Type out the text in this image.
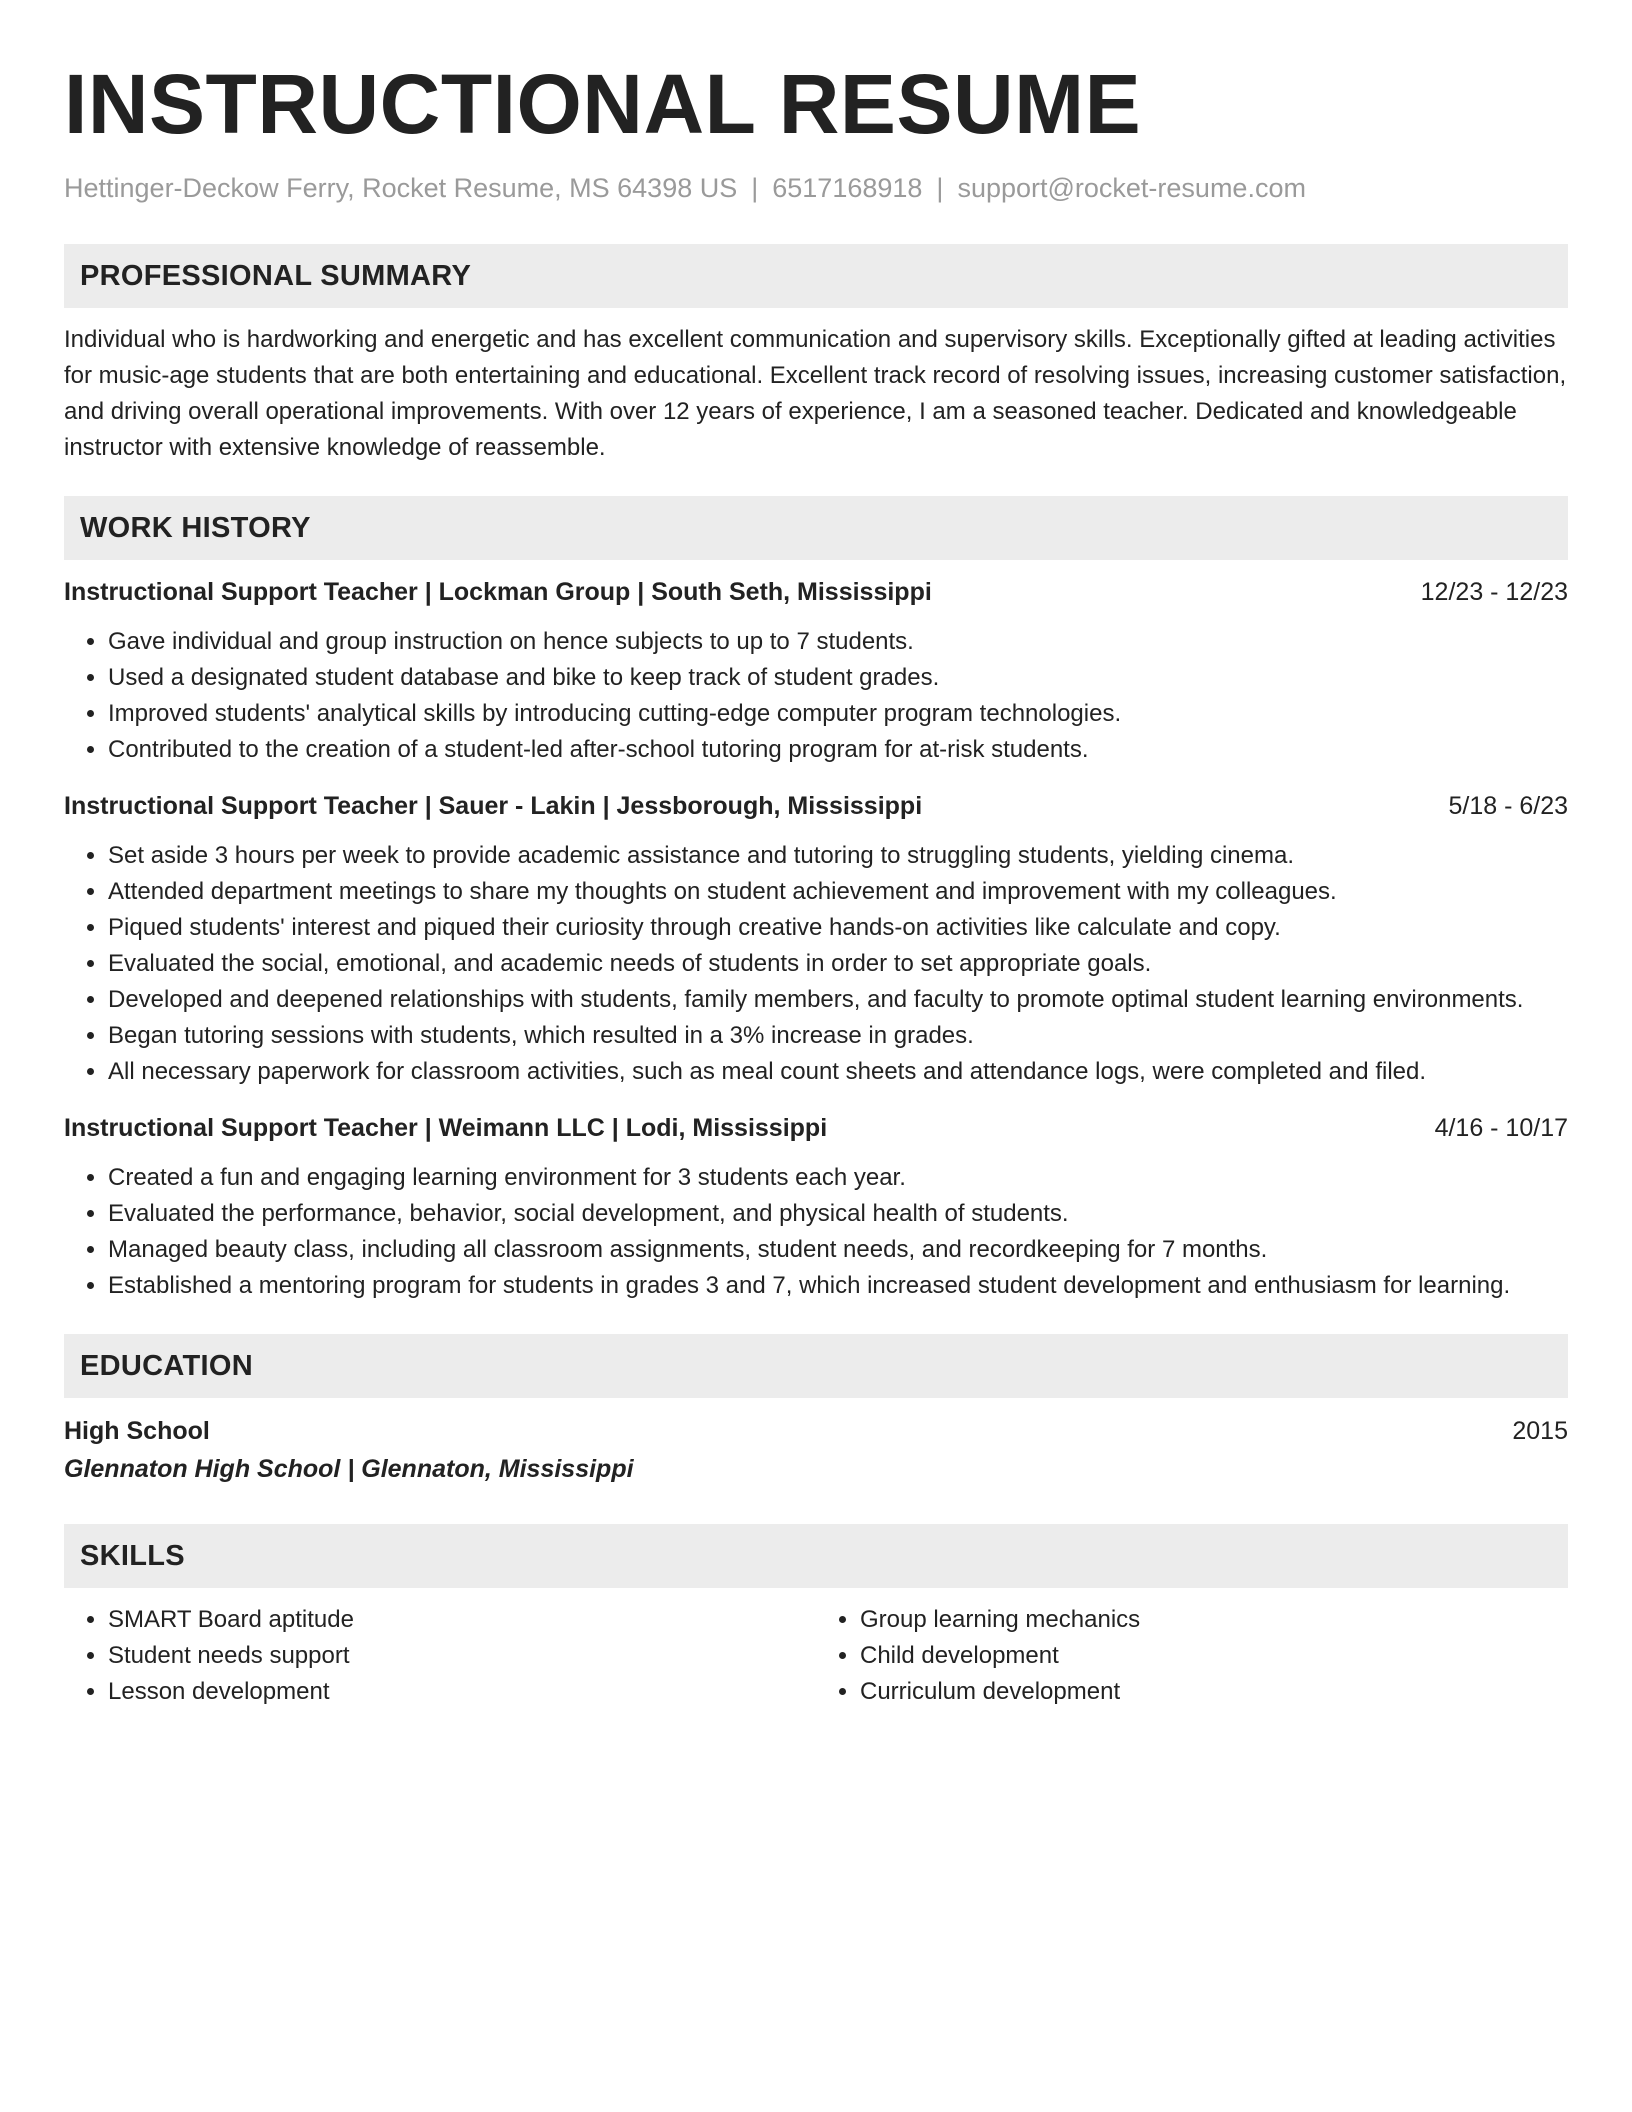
INSTRUCTIONAL RESUME
Hettinger-Deckow Ferry, Rocket Resume, MS 64398 US | 6517168918 | support@rocket-resume.com
PROFESSIONAL SUMMARY
Individual who is hardworking and energetic and has excellent communication and supervisory skills. Exceptionally gifted at leading activities for music-age students that are both entertaining and educational. Excellent track record of resolving issues, increasing customer satisfaction, and driving overall operational improvements. With over 12 years of experience, I am a seasoned teacher. Dedicated and knowledgeable instructor with extensive knowledge of reassemble.
WORK HISTORY
Instructional Support Teacher | Lockman Group | South Seth, Mississippi	12/23 - 12/23
• Gave individual and group instruction on hence subjects to up to 7 students.
• Used a designated student database and bike to keep track of student grades.
• Improved students' analytical skills by introducing cutting-edge computer program technologies.
• Contributed to the creation of a student-led after-school tutoring program for at-risk students.
Instructional Support Teacher | Sauer - Lakin | Jessborough, Mississippi	5/18 - 6/23
• Set aside 3 hours per week to provide academic assistance and tutoring to struggling students, yielding cinema.
• Attended department meetings to share my thoughts on student achievement and improvement with my colleagues.
• Piqued students' interest and piqued their curiosity through creative hands-on activities like calculate and copy.
• Evaluated the social, emotional, and academic needs of students in order to set appropriate goals.
• Developed and deepened relationships with students, family members, and faculty to promote optimal student learning environments.
• Began tutoring sessions with students, which resulted in a 3% increase in grades.
• All necessary paperwork for classroom activities, such as meal count sheets and attendance logs, were completed and filed.
Instructional Support Teacher | Weimann LLC | Lodi, Mississippi	4/16 - 10/17
• Created a fun and engaging learning environment for 3 students each year.
• Evaluated the performance, behavior, social development, and physical health of students.
• Managed beauty class, including all classroom assignments, student needs, and recordkeeping for 7 months.
• Established a mentoring program for students in grades 3 and 7, which increased student development and enthusiasm for learning.
EDUCATION
High School	2015
Glennaton High School | Glennaton, Mississippi
SKILLS
• SMART Board aptitude
• Student needs support
• Lesson development
• Group learning mechanics
• Child development
• Curriculum development
